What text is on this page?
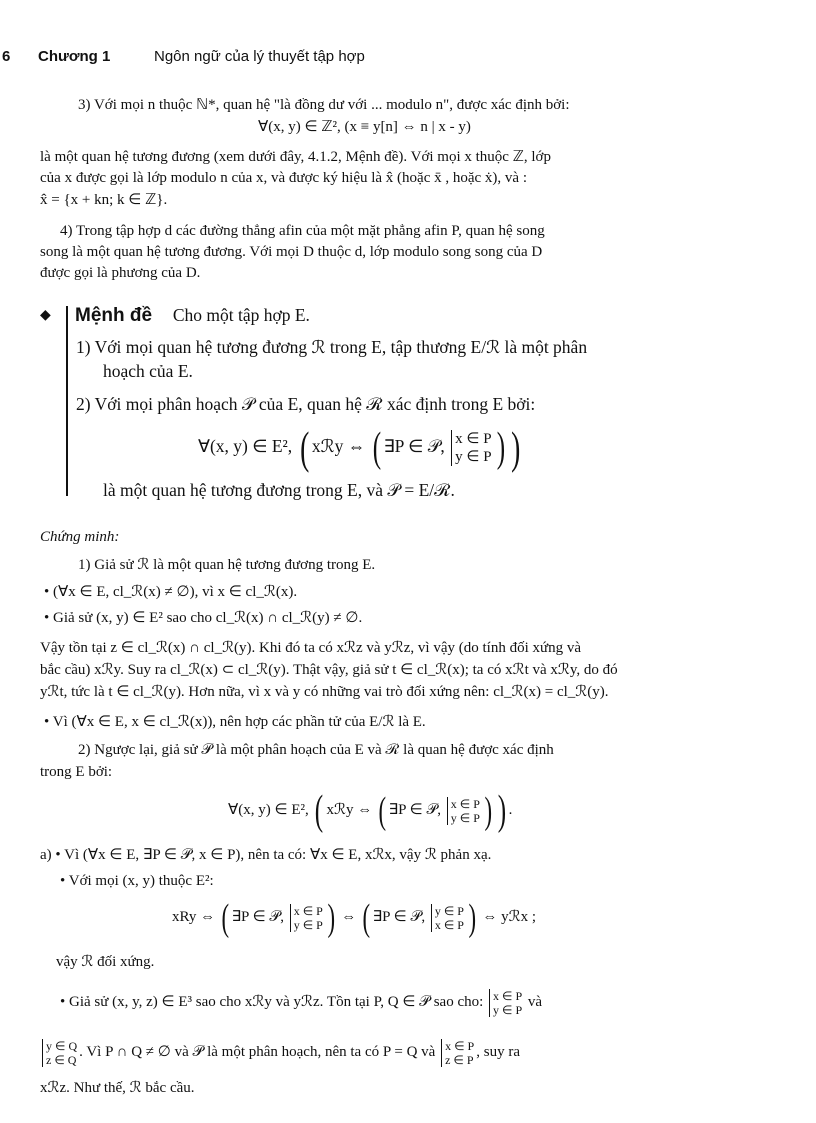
6 Chương 1	Ngôn ngữ của lý thuyết tập hợp
3) Với mọi n thuộc ℕ*, quan hệ "là đồng dư với ... modulo n", được xác định bởi:
∀(x, y) ∈ ℤ², (x ≡ y[n] ⇔ n | x - y)
là một quan hệ tương đương (xem dưới đây, 4.1.2, Mệnh đề). Với mọi x thuộc ℤ, lớp
của x được gọi là lớp modulo n của x, và được ký hiệu là x̂ (hoặc x̄ , hoặc ẋ), và :
x̂ = {x + kn; k ∈ ℤ}.
4) Trong tập hợp d các đường thẳng afin của một mặt phẳng afin P, quan hệ song
song là một quan hệ tương đương. Với mọi D thuộc d, lớp modulo song song của D
được gọi là phương của D.
◆ Mệnh đề Cho một tập hợp E.
1) Với mọi quan hệ tương đương ℛ trong E, tập thương E/ℛ là một phân
hoạch của E.
2) Với mọi phân hoạch 𝒫 của E, quan hệ ℛ xác định trong E bởi:
∀(x, y) ∈ E², ( xℛy ⇔ ( ∃P ∈ 𝒫, x ∈ P
y ∈ P ) )
là một quan hệ tương đương trong E, và 𝒫 = E/ℛ.
Chứng minh:
1) Giả sử ℛ là một quan hệ tương đương trong E.
• (∀x ∈ E, cl_ℛ(x) ≠ ∅), vì x ∈ cl_ℛ(x).
• Giả sử (x, y) ∈ E² sao cho cl_ℛ(x) ∩ cl_ℛ(y) ≠ ∅.
Vậy tồn tại z ∈ cl_ℛ(x) ∩ cl_ℛ(y). Khi đó ta có xℛz và yℛz, vì vậy (do tính đối xứng và
bắc cầu) xℛy. Suy ra cl_ℛ(x) ⊂ cl_ℛ(y). Thật vậy, giả sử t ∈ cl_ℛ(x); ta có xℛt và xℛy, do đó
yℛt, tức là t ∈ cl_ℛ(y). Hơn nữa, vì x và y có những vai trò đối xứng nên: cl_ℛ(x) = cl_ℛ(y).
• Vì (∀x ∈ E, x ∈ cl_ℛ(x)), nên hợp các phần tử của E/ℛ là E.
2) Ngược lại, giả sử 𝒫 là một phân hoạch của E và ℛ là quan hệ được xác định
trong E bởi:
∀(x, y) ∈ E², ( xℛy ⇔ ( ∃P ∈ 𝒫, x ∈ P
y ∈ P ) ) .
a) • Vì (∀x ∈ E, ∃P ∈ 𝒫, x ∈ P), nên ta có: ∀x ∈ E, xℛx, vậy ℛ phản xạ.
• Với mọi (x, y) thuộc E²:
xRy ⇔ ( ∃P ∈ 𝒫, x ∈ P
y ∈ P ) ⇔ ( ∃P ∈ 𝒫, y ∈ P
x ∈ P ) ⇔ yℛx ;
vậy ℛ đối xứng.
• Giả sử (x, y, z) ∈ E³ sao cho xℛy và yℛz. Tồn tại P, Q ∈ 𝒫 sao cho: x ∈ P
y ∈ P và
y ∈ Q
z ∈ Q . Vì P ∩ Q ≠ ∅ và 𝒫 là một phân hoạch, nên ta có P = Q và x ∈ P
z ∈ P , suy ra
xℛz. Như thế, ℛ bắc cầu.
